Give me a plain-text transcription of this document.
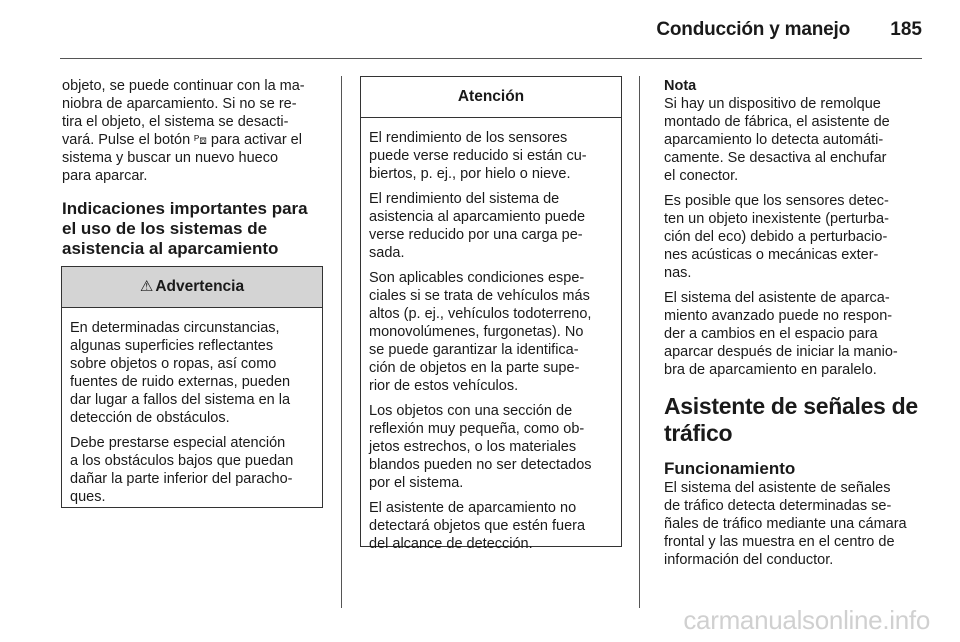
Conducción y manejo	185

objeto, se puede continuar con la ma-
niobra de aparcamiento. Si no se re-
tira el objeto, el sistema se desacti-
vará. Pulse el botón ᴾ⧈ para activar el
sistema y buscar un nuevo hueco
para aparcar.

Indicaciones importantes para
el uso de los sistemas de
asistencia al aparcamiento
⚠ Advertencia

En determinadas circunstancias,
algunas superficies reflectantes
sobre objetos o ropas, así como
fuentes de ruido externas, pueden
dar lugar a fallos del sistema en la
detección de obstáculos.

Debe prestarse especial atención
a los obstáculos bajos que puedan
dañar la parte inferior del paracho-
ques.

Atención

El rendimiento de los sensores
puede verse reducido si están cu-
biertos, p. ej., por hielo o nieve.

El rendimiento del sistema de
asistencia al aparcamiento puede
verse reducido por una carga pe-
sada.

Son aplicables condiciones espe-
ciales si se trata de vehículos más
altos (p. ej., vehículos todoterreno,
monovolúmenes, furgonetas). No
se puede garantizar la identifica-
ción de objetos en la parte supe-
rior de estos vehículos.

Los objetos con una sección de
reflexión muy pequeña, como ob-
jetos estrechos, o los materiales
blandos pueden no ser detectados
por el sistema.

El asistente de aparcamiento no
detectará objetos que estén fuera
del alcance de detección.

Nota
Si hay un dispositivo de remolque
montado de fábrica, el asistente de
aparcamiento lo detecta automáti-
camente. Se desactiva al enchufar
el conector.

Es posible que los sensores detec-
ten un objeto inexistente (perturba-
ción del eco) debido a perturbacio-
nes acústicas o mecánicas exter-
nas.

El sistema del asistente de aparca-
miento avanzado puede no respon-
der a cambios en el espacio para
aparcar después de iniciar la manio-
bra de aparcamiento en paralelo.

Asistente de señales de
tráfico
Funcionamiento
El sistema del asistente de señales
de tráfico detecta determinadas se-
ñales de tráfico mediante una cámara
frontal y las muestra en el centro de
información del conductor.
carmanualsonline.info
